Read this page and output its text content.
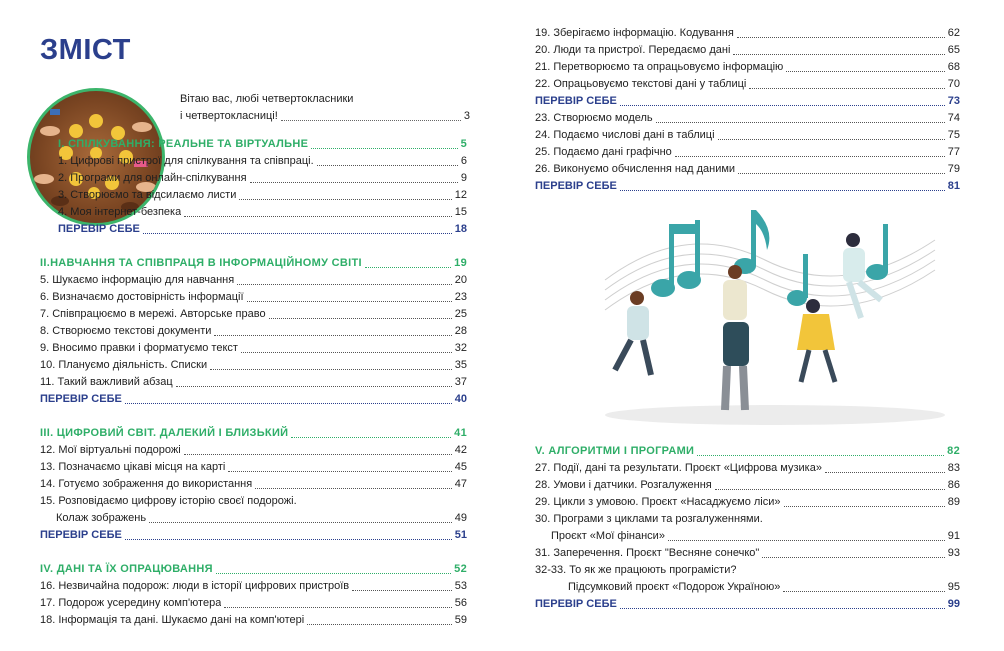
ЗМІСТ
Вітаю вас, любі четвертокласники
і четвертокласниці!	3
І. СПІЛКУВАННЯ: РЕАЛЬНЕ ТА ВІРТУАЛЬНЕ	5
1. Цифрові пристрої для спілкування та співпраці.	6
2. Програми для онлайн-спілкування	9
3. Створюємо та відсилаємо листи	12
4. Моя інтернет-безпека	15
ПЕРЕВІР СЕБЕ	18
ІІ.НАВЧАННЯ ТА СПІВПРАЦЯ В ІНФОРМАЦІЙНОМУ СВІТІ	19
5. Шукаємо інформацію для навчання	20
6. Визначаємо достовірність інформації	23
7. Співпрацюємо в мережі. Авторське право	25
8. Створюємо текстові документи	28
9. Вносимо правки і форматуємо текст	32
10. Плануємо діяльність. Списки	35
11. Такий важливий абзац	37
ПЕРЕВІР СЕБЕ	40
ІІІ. ЦИФРОВИЙ СВІТ. ДАЛЕКИЙ І БЛИЗЬКИЙ	41
12. Мої віртуальні подорожі	42
13. Позначаємо цікаві місця на карті	45
14. Готуємо зображення до використання	47
15. Розповідаємо цифрову історію своєї подорожі.
Колаж зображень	49
ПЕРЕВІР СЕБЕ	51
IV. ДАНІ ТА ЇХ ОПРАЦЮВАННЯ	52
16. Незвичайна подорож: люди в історії цифрових пристроїв	53
17. Подорож усередину комп'ютера	56
18. Інформація та дані. Шукаємо дані на комп'ютері	59
19. Зберігаємо інформацію. Кодування	62
20. Люди та пристрої. Передаємо дані	65
21. Перетворюємо та опрацьовуємо інформацію	68
22. Опрацьовуємо текстові дані у таблиці	70
ПЕРЕВІР СЕБЕ	73
23. Створюємо модель	74
24. Подаємо числові дані в таблиці	75
25. Подаємо дані графічно	77
26. Виконуємо обчислення над даними	79
ПЕРЕВІР СЕБЕ	81
V. АЛГОРИТМИ І ПРОГРАМИ	82
27. Події, дані та результати. Проєкт «Цифрова музика»	83
28. Умови і датчики. Розгалуження	86
29. Цикли з умовою. Проєкт «Насаджуємо ліси»	89
30. Програми з циклами та розгалуженнями.
Проєкт «Мої фінанси»	91
31. Заперечення. Проєкт "Весняне сонечко"	93
32-33. То як же працюють програмісти?
Підсумковий проєкт «Подорож Україною»	95
ПЕРЕВІР СЕБЕ	99
